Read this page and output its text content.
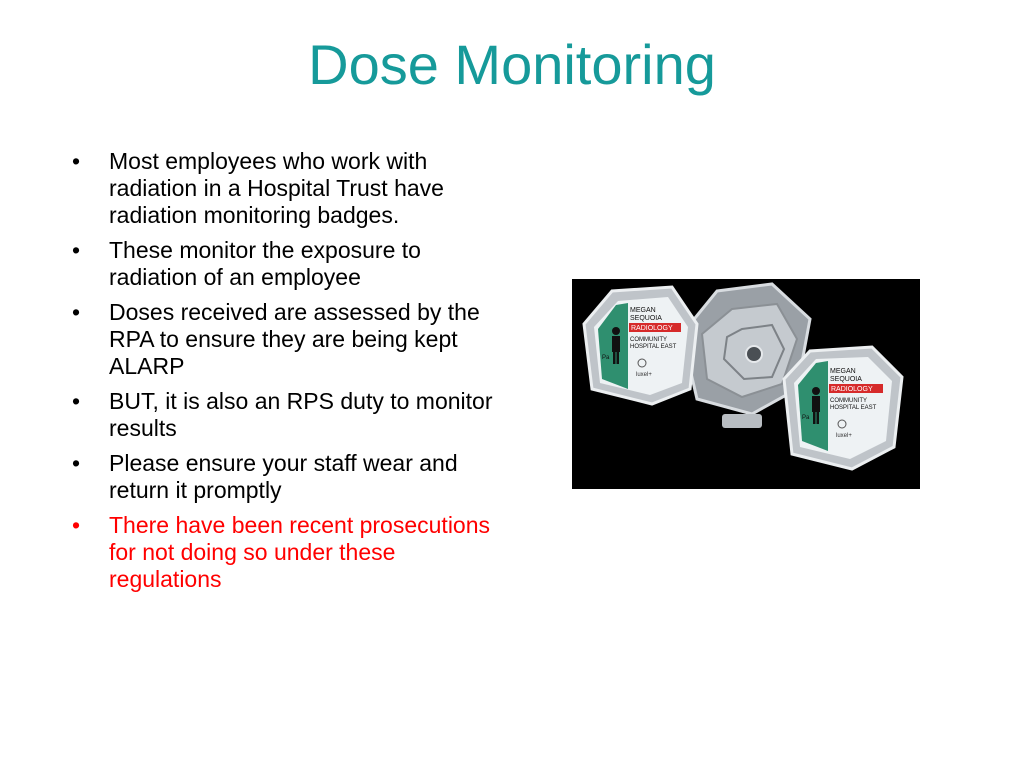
Dose Monitoring
• Most employees who work with radiation in a Hospital Trust have radiation monitoring badges.
• These monitor the exposure to radiation of an employee
• Doses received are assessed by the RPA to ensure they are being kept ALARP
• BUT, it is also an RPS duty to monitor results
• Please ensure your staff wear and return it promptly
• There have been recent prosecutions for not doing so under these regulations
MEGAN
SEQUOIA
RADIOLOGY
COMMUNITY
HOSPITAL EAST
Pa
luxel+	MEGAN
SEQUOIA
RADIOLOGY
COMMUNITY
HOSPITAL EAST
Pa
luxel+
